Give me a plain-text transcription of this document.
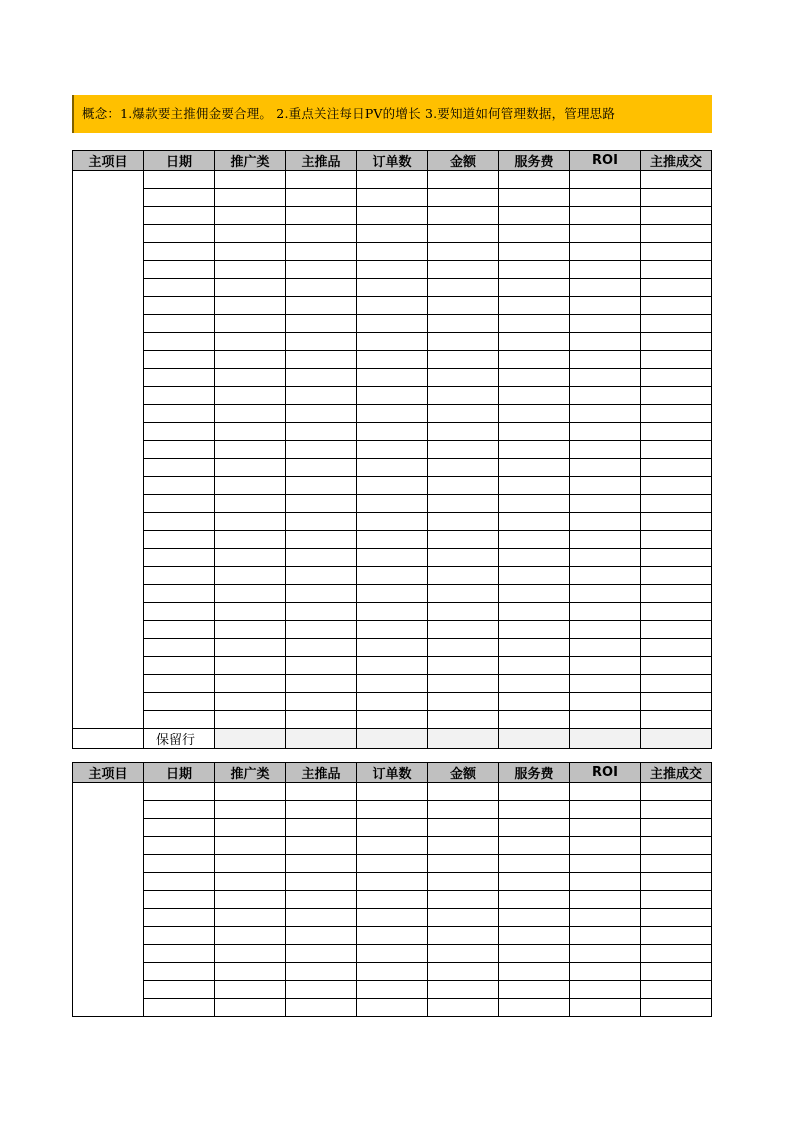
概念：1.爆款要主推佣金要合理。 2.重点关注每日PV的增长 3.要知道如何管理数据，管理思路
主项目	日期	推广类	主推品	订单数	金额	服务费	ROI	主推成交

	保留行							
主项目	日期	推广类	主推品	订单数	金额	服务费	ROI	主推成交
